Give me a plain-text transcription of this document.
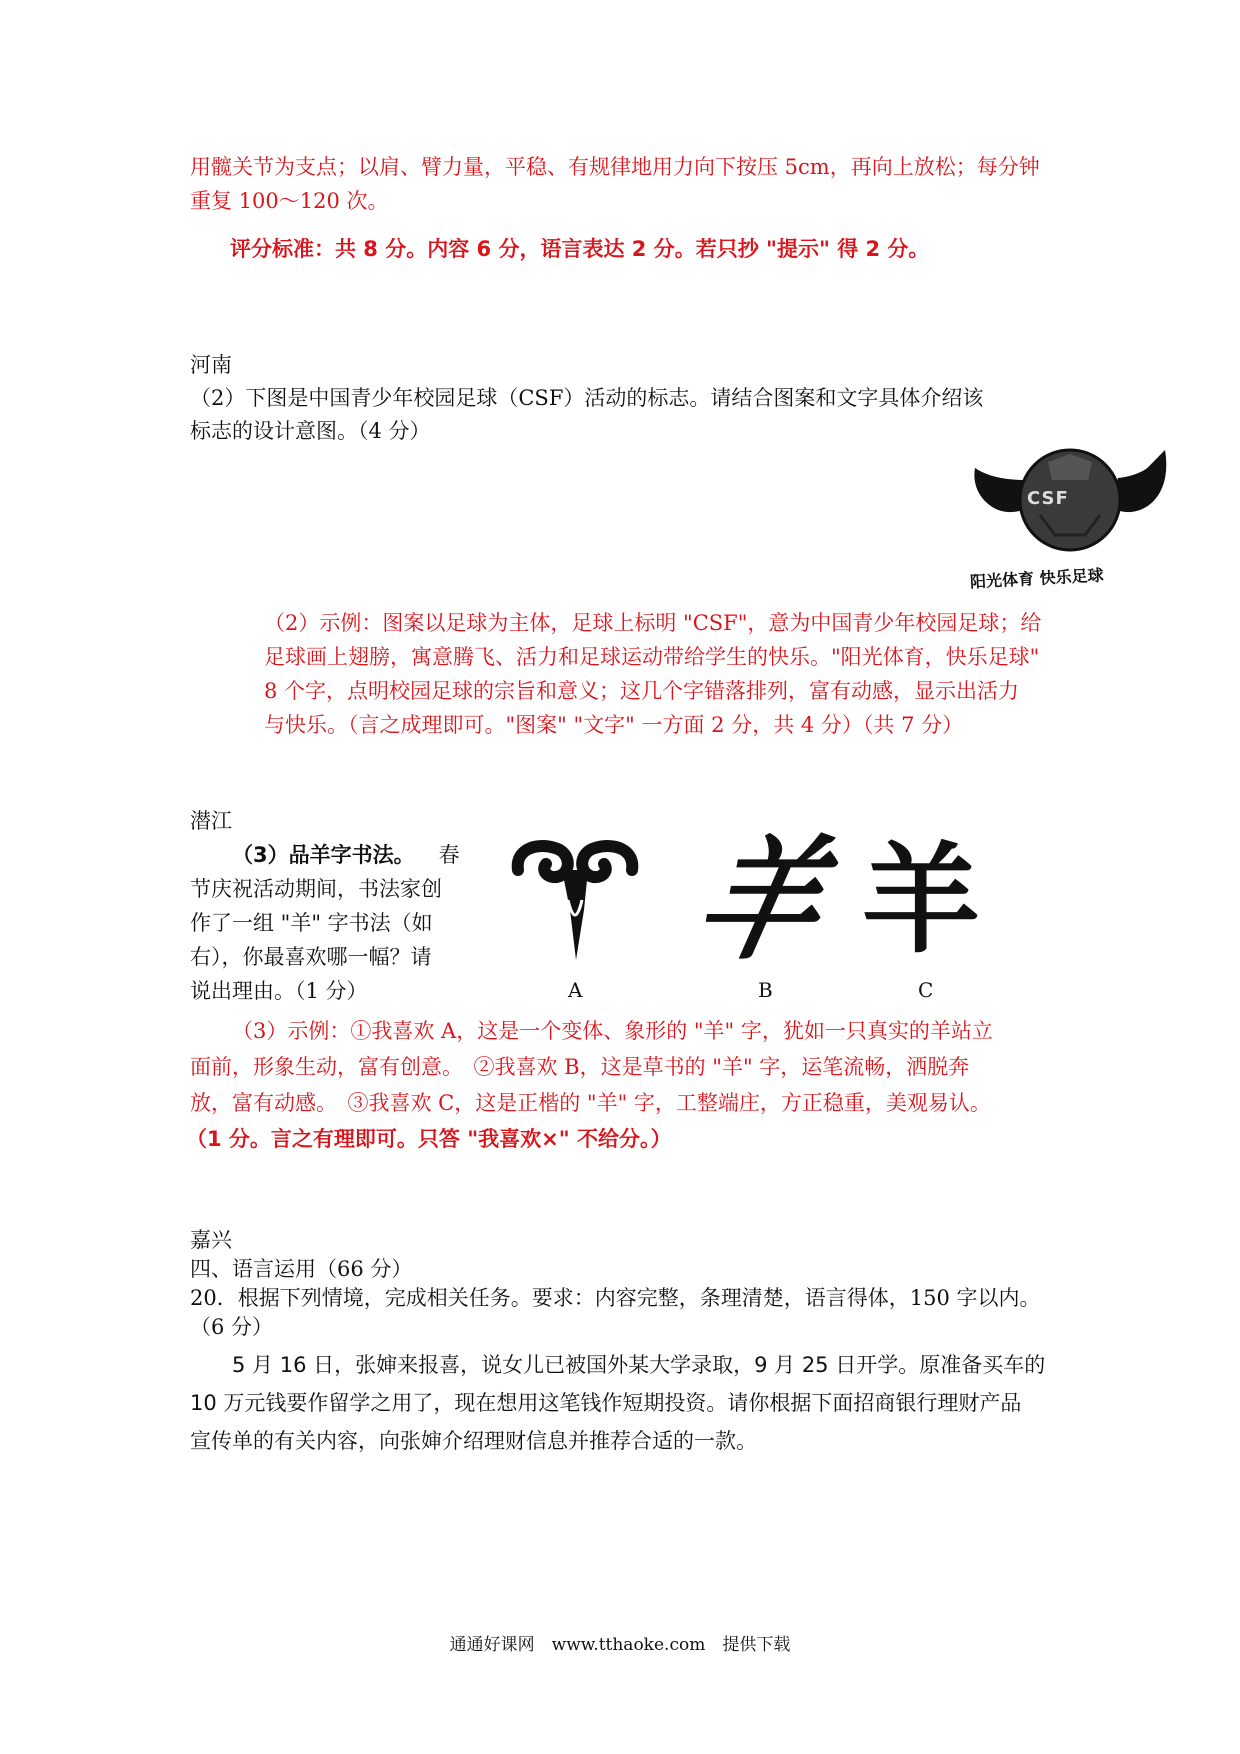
用髋关节为支点；以肩、臂力量，平稳、有规律地用力向下按压 5cm，再向上放松；每分钟
重复 100～120 次。
评分标准：共 8 分。内容 6 分，语言表达 2 分。若只抄 "提示" 得 2 分。
河南
（2）下图是中国青少年校园足球（CSF）活动的标志。请结合图案和文字具体介绍该
标志的设计意图。（4 分）
CSF
阳光体育 快乐足球
（2）示例：图案以足球为主体，足球上标明 "CSF"，意为中国青少年校园足球；给
足球画上翅膀，寓意腾飞、活力和足球运动带给学生的快乐。"阳光体育，快乐足球"
8 个字，点明校园足球的宗旨和意义；这几个字错落排列，富有动感，显示出活力
与快乐。（言之成理即可。"图案" "文字" 一方面 2 分，共 4 分）（共 7 分）
潜江
（3）品羊字书法。 春
节庆祝活动期间，书法家创
作了一组 "羊" 字书法（如
右），你最喜欢哪一幅？请
说出理由。（1 分）	A
羊
B
羊
C
（3）示例：①我喜欢 A，这是一个变体、象形的 "羊" 字，犹如一只真实的羊站立
面前，形象生动，富有创意。　②我喜欢 B，这是草书的 "羊" 字，运笔流畅，洒脱奔
放，富有动感。　③我喜欢 C，这是正楷的 "羊" 字，工整端庄，方正稳重，美观易认。
（1 分。言之有理即可。只答 "我喜欢×" 不给分。）
嘉兴
四、语言运用（66 分）
20．根据下列情境，完成相关任务。要求：内容完整，条理清楚，语言得体，150 字以内。
（6 分）
5 月 16 日，张婶来报喜，说女儿已被国外某大学录取，9 月 25 日开学。原准备买车的
10 万元钱要作留学之用了，现在想用这笔钱作短期投资。请你根据下面招商银行理财产品
宣传单的有关内容，向张婶介绍理财信息并推荐合适的一款。
通通好课网　www.tthaoke.com　提供下载
